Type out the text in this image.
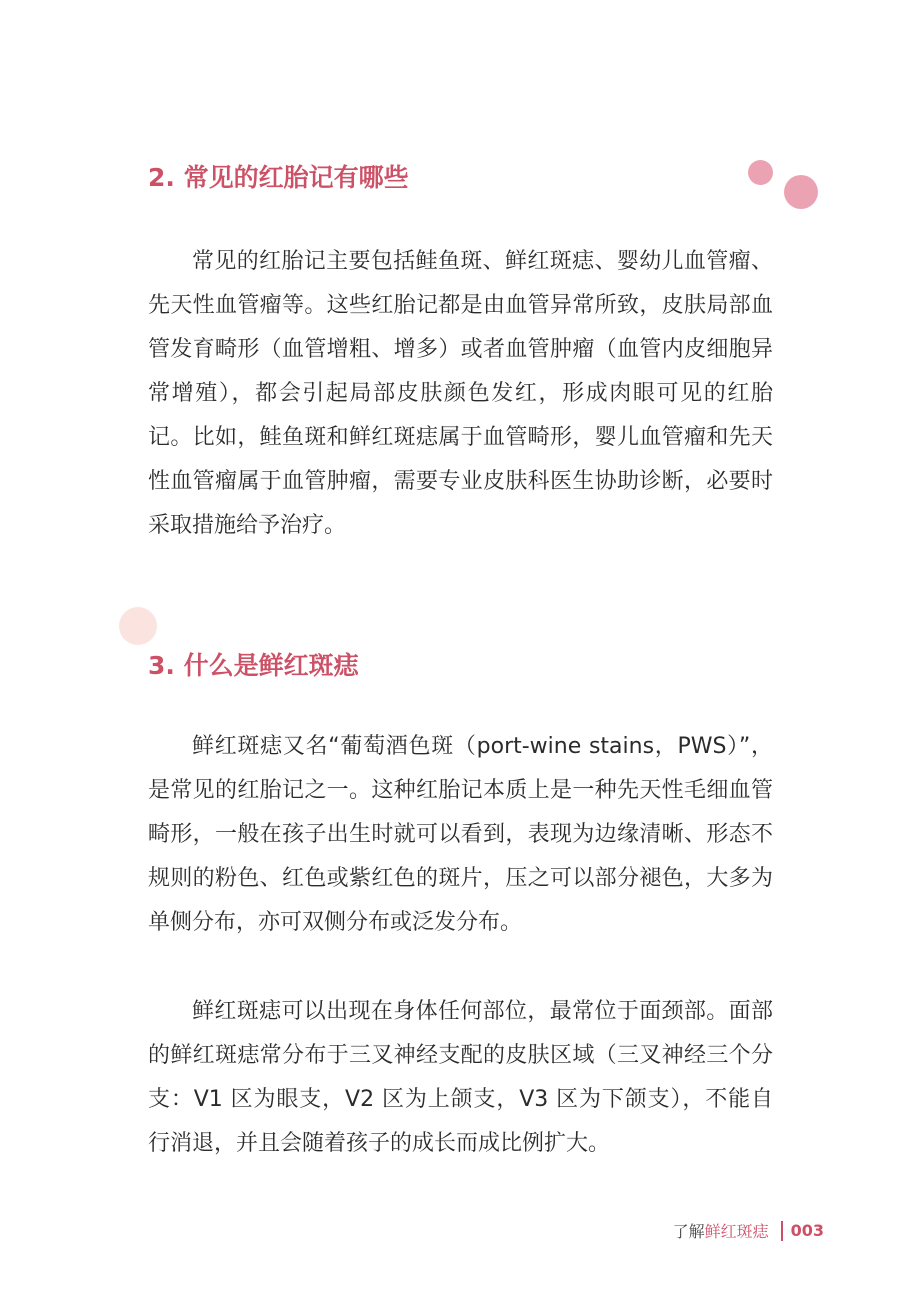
2. 常见的红胎记有哪些

常见的红胎记主要包括鲑鱼斑、鲜红斑痣、婴幼儿血管瘤、先天性血管瘤等。这些红胎记都是由血管异常所致，皮肤局部血管发育畸形（血管增粗、增多）或者血管肿瘤（血管内皮细胞异常增殖），都会引起局部皮肤颜色发红，形成肉眼可见的红胎记。比如，鲑鱼斑和鲜红斑痣属于血管畸形，婴儿血管瘤和先天性血管瘤属于血管肿瘤，需要专业皮肤科医生协助诊断，必要时采取措施给予治疗。

3. 什么是鲜红斑痣

鲜红斑痣又名“葡萄酒色斑（port-wine stains，PWS）”，是常见的红胎记之一。这种红胎记本质上是一种先天性毛细血管畸形，一般在孩子出生时就可以看到，表现为边缘清晰、形态不规则的粉色、红色或紫红色的斑片，压之可以部分褪色，大多为单侧分布，亦可双侧分布或泛发分布。

鲜红斑痣可以出现在身体任何部位，最常位于面颈部。面部的鲜红斑痣常分布于三叉神经支配的皮肤区域（三叉神经三个分支：V1 区为眼支，V2 区为上颌支，V3 区为下颌支），不能自行消退，并且会随着孩子的成长而成比例扩大。

了解 鲜红斑痣 003
